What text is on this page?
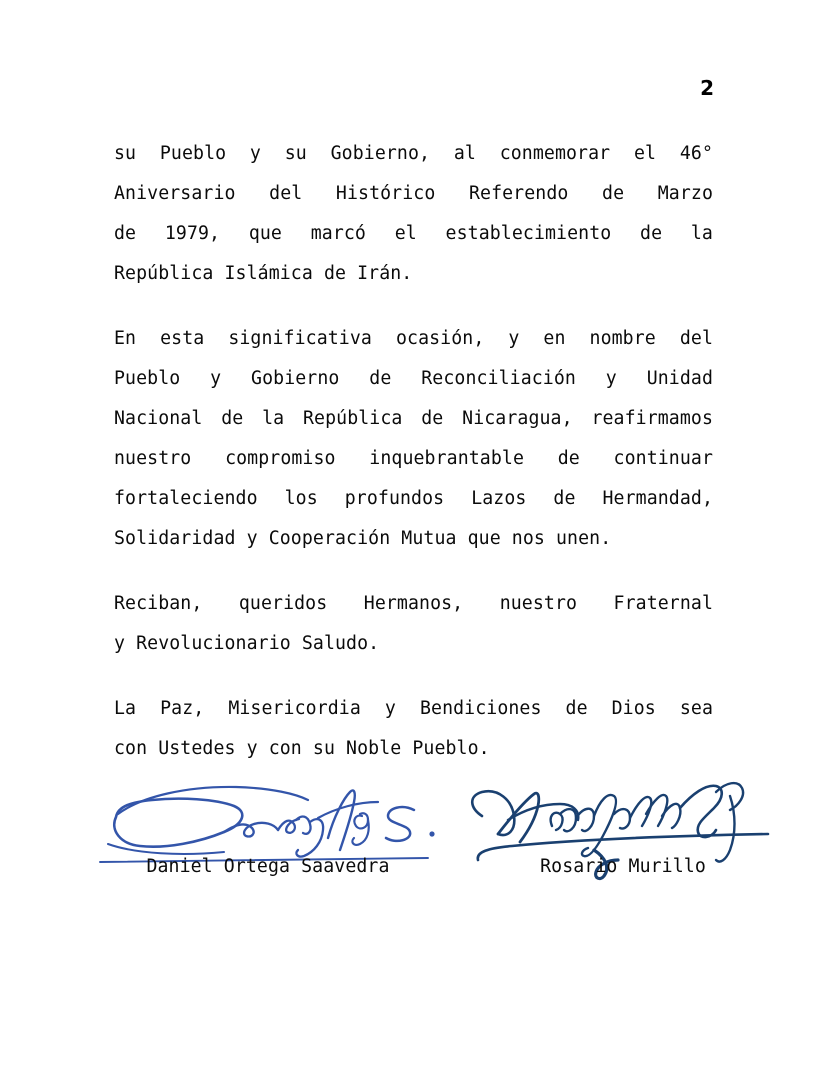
2

su Pueblo y su Gobierno, al conmemorar el 46°
Aniversario del Histórico Referendo de Marzo
de 1979, que marcó el establecimiento de la
República Islámica de Irán.

En esta significativa ocasión, y en nombre del
Pueblo y Gobierno de Reconciliación y Unidad
Nacional de la República de Nicaragua, reafirmamos
nuestro compromiso inquebrantable de continuar
fortaleciendo los profundos Lazos de Hermandad,
Solidaridad y Cooperación Mutua que nos unen.

Reciban, queridos Hermanos, nuestro Fraternal
y Revolucionario Saludo.

La Paz, Misericordia y Bendiciones de Dios sea
con Ustedes y con su Noble Pueblo.

Daniel Ortega Saavedra	Rosario Murillo
